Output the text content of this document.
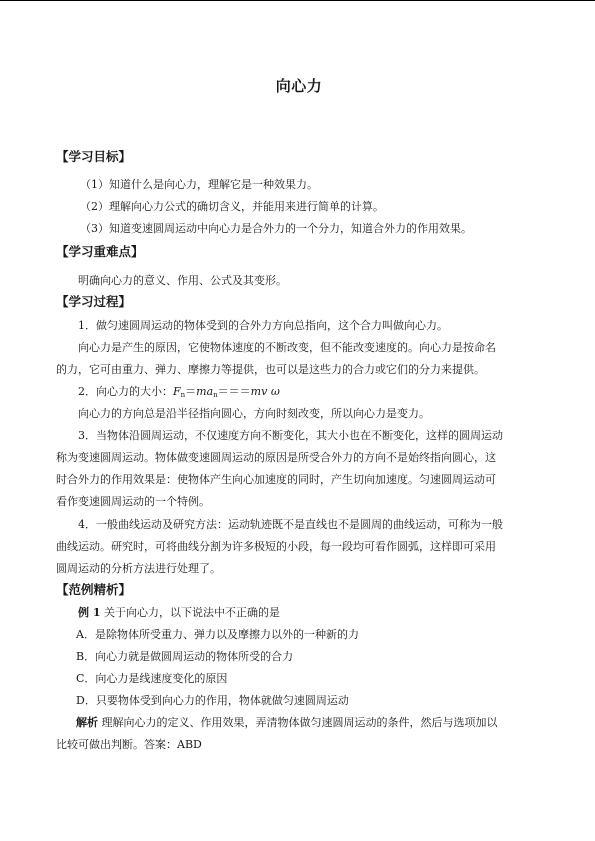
向心力
【学习目标】
（1）知道什么是向心力，理解它是一种效果力。
（2）理解向心力公式的确切含义，并能用来进行简单的计算。
（3）知道变速圆周运动中向心力是合外力的一个分力，知道合外力的作用效果。
【学习重难点】
明确向心力的意义、作用、公式及其变形。
【学习过程】
1．做匀速圆周运动的物体受到的合外力方向总指向，这个合力叫做向心力。
向心力是产生的原因，它使物体速度的不断改变，但不能改变速度的。向心力是按命名
的力，它可由重力、弹力、摩擦力等提供，也可以是这些力的合力或它们的分力来提供。
2．向心力的大小：$F_n=ma_n===mv$ ω
向心力的方向总是沿半径指向圆心，方向时刻改变，所以向心力是变力。
3．当物体沿圆周运动，不仅速度方向不断变化，其大小也在不断变化，这样的圆周运动
称为变速圆周运动。物体做变速圆周运动的原因是所受合外力的方向不是始终指向圆心，这
时合外力的作用效果是：使物体产生向心加速度的同时，产生切向加速度。匀速圆周运动可
看作变速圆周运动的一个特例。
4．一般曲线运动及研究方法：运动轨迹既不是直线也不是圆周的曲线运动，可称为一般
曲线运动。研究时，可将曲线分割为许多极短的小段，每一段均可看作圆弧，这样即可采用
圆周运动的分析方法进行处理了。
【范例精析】
例 1 关于向心力，以下说法中不正确的是
A．是除物体所受重力、弹力以及摩擦力以外的一种新的力
B．向心力就是做圆周运动的物体所受的合力
C．向心力是线速度变化的原因
D．只要物体受到向心力的作用，物体就做匀速圆周运动
解析 理解向心力的定义、作用效果，弄清物体做匀速圆周运动的条件，然后与选项加以
比较可做出判断。答案：ABD
